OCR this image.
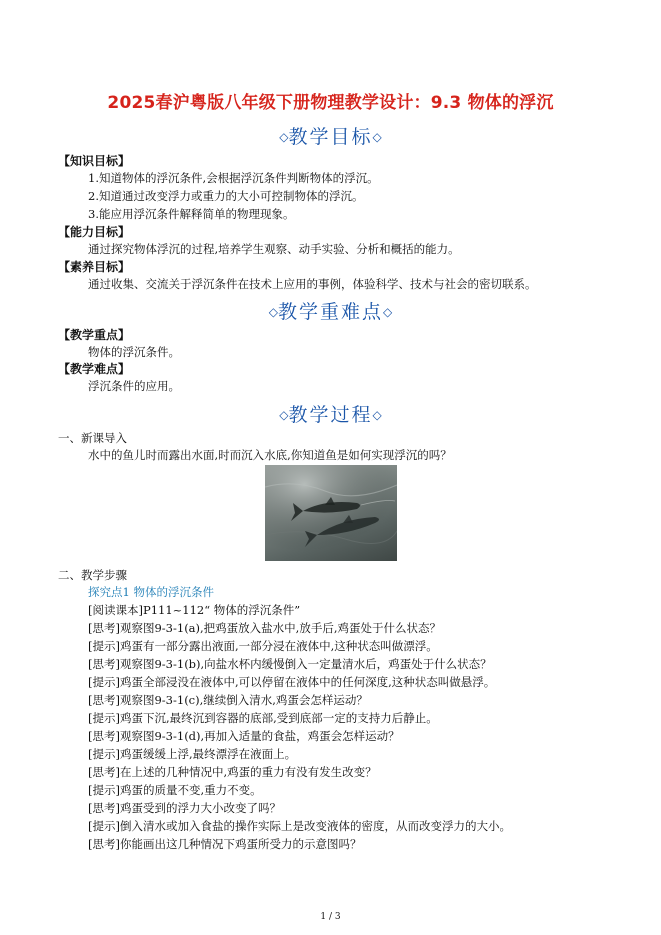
2025春沪粤版八年级下册物理教学设计：9.3 物体的浮沉
◇教学目标◇
【知识目标】
1.知道物体的浮沉条件,会根据浮沉条件判断物体的浮沉。
2.知道通过改变浮力或重力的大小可控制物体的浮沉。
3.能应用浮沉条件解释简单的物理现象。
【能力目标】
通过探究物体浮沉的过程,培养学生观察、动手实验、分析和概括的能力。
【素养目标】
通过收集、交流关于浮沉条件在技术上应用的事例，体验科学、技术与社会的密切联系。
◇教学重难点◇
【教学重点】
物体的浮沉条件。
【教学难点】
浮沉条件的应用。
◇教学过程◇
一、新课导入
水中的鱼儿时而露出水面,时而沉入水底,你知道鱼是如何实现浮沉的吗？
二、教学步骤
探究点1 物体的浮沉条件
[阅读课本]P111~112“ 物体的浮沉条件”
[思考]观察图9-3-1(a),把鸡蛋放入盐水中,放手后,鸡蛋处于什么状态？
[提示]鸡蛋有一部分露出液面,一部分浸在液体中,这种状态叫做漂浮。
[思考]观察图9-3-1(b),向盐水杯内缓慢倒入一定量清水后，鸡蛋处于什么状态？
[提示]鸡蛋全部浸没在液体中,可以停留在液体中的任何深度,这种状态叫做悬浮。
[思考]观察图9-3-1(c),继续倒入清水,鸡蛋会怎样运动？
[提示]鸡蛋下沉,最终沉到容器的底部,受到底部一定的支持力后静止。
[思考]观察图9-3-1(d),再加入适量的食盐，鸡蛋会怎样运动？
[提示]鸡蛋缓缓上浮,最终漂浮在液面上。
[思考]在上述的几种情况中,鸡蛋的重力有没有发生改变？
[提示]鸡蛋的质量不变,重力不变。
[思考]鸡蛋受到的浮力大小改变了吗？
[提示]倒入清水或加入食盐的操作实际上是改变液体的密度，从而改变浮力的大小。
[思考]你能画出这几种情况下鸡蛋所受力的示意图吗？
1 / 3
